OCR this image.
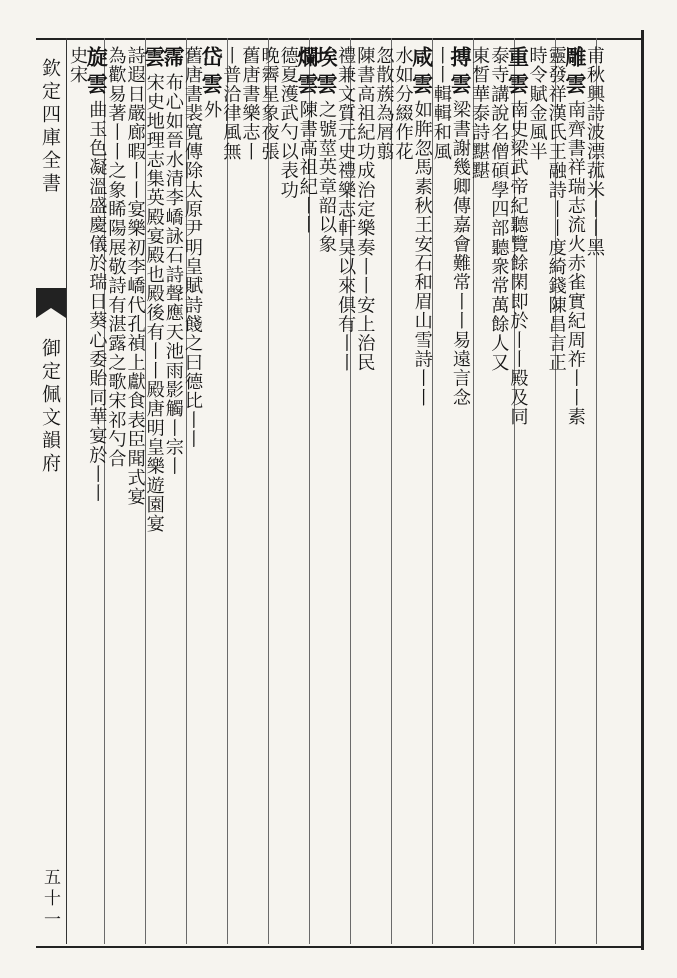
欽定四庫全書
御定佩文韻府
五十一
甫秋興詩波漂菰米丨丨黑
雕雲南齊書祥瑞志流火赤雀實紀周祚丨丨素
靈發祥漢氏王融詩丨丨度綺錢陳昌言正
時令賦金風半
重雲南史梁武帝紀聽覽餘閑即於丨丨殿及同
泰寺講說名僧碩學四部聽衆常萬餘人又
東晳華泰詩黮黮
搏雲梁書謝幾卿傳嘉會難常丨丨易遠言念
丨丨輯輯和風
咸雲如脌忽馬素秋王安石和眉山雪詩丨丨
水如分綴作花
忽散蔟為屑翦
陳書高祖紀功成治定樂奏丨丨安上治民
禮兼文質元史禮樂志軒昊以來俱有丨丨
埃雲之號莖英章韶以象
爛雲陳書高祖紀丨丨
德夏濩武勺以表功
晚霽星象夜張
舊唐書樂志丨
丨普洽律風無
岱雲外
舊唐書裴寬傳除太原尹明皇賦詩餞之曰德比丨丨
霈布心如晉水清李嶠詠石詩聲應天池雨影觸丨宗丨
雲宋史地理志集英殿宴殿也殿後有丨丨殿唐明皇樂遊園宴
詩遐日嚴廊暇丨丨宴樂初李嶠代孔禎上獻食表臣聞式宴
為歡易著丨丨之象睎陽展敬詩有湛露之歌宋祁勺合
旋雲曲玉色凝溫盛慶儀於瑞日葵心委貽同華宴於丨丨
史宋
